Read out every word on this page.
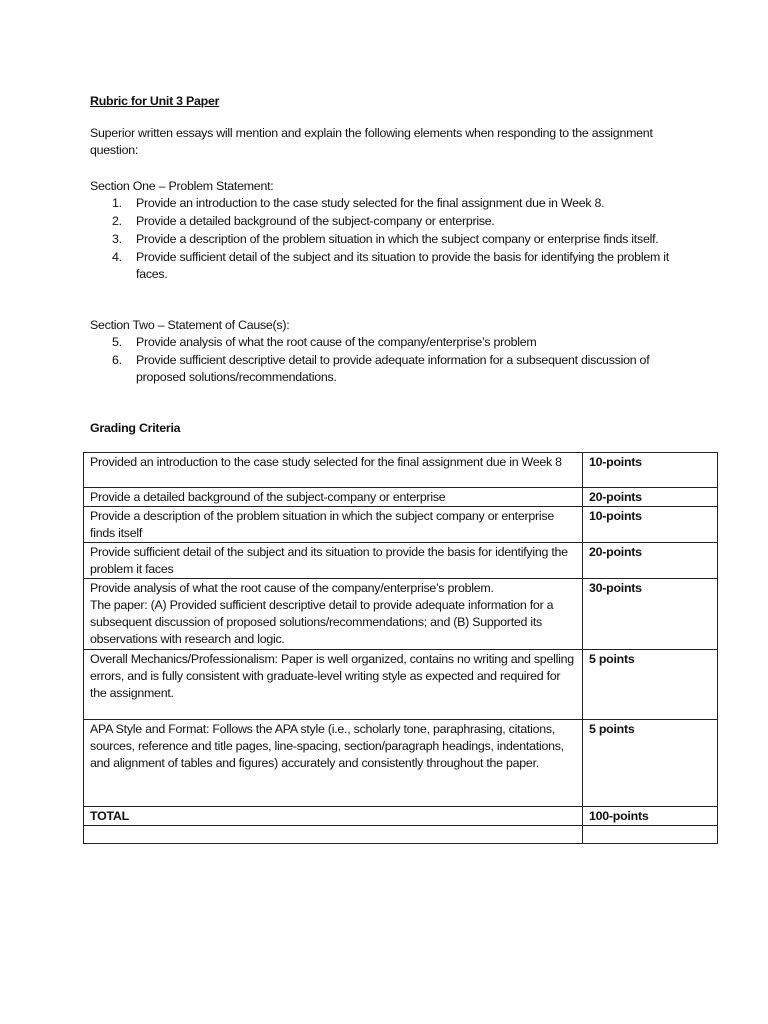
Rubric for Unit 3 Paper

Superior written essays will mention and explain the following elements when responding to the assignment question:

Section One – Problem Statement:

1. Provide an introduction to the case study selected for the final assignment due in Week 8.
2. Provide a detailed background of the subject-company or enterprise.
3. Provide a description of the problem situation in which the subject company or enterprise finds itself.
4. Provide sufficient detail of the subject and its situation to provide the basis for identifying the problem it faces.

Section Two – Statement of Cause(s):

5. Provide analysis of what the root cause of the company/enterprise’s problem
6. Provide sufficient descriptive detail to provide adequate information for a subsequent discussion of proposed solutions/recommendations.

Grading Criteria

Provided an introduction to the case study selected for the final assignment due in Week 8	10-points
Provide a detailed background of the subject-company or enterprise	20-points
Provide a description of the problem situation in which the subject company or enterprise finds itself	10-points
Provide sufficient detail of the subject and its situation to provide the basis for identifying the problem it faces	20-points

Provide analysis of what the root cause of the company/enterprise’s problem.
The paper: (A) Provided sufficient descriptive detail to provide adequate information for a subsequent discussion of proposed solutions/recommendations; and (B) Supported its observations with research and logic.	30-points
Overall Mechanics/Professionalism: Paper is well organized, contains no writing and spelling errors, and is fully consistent with graduate-level writing style as expected and required for the assignment.	5 points
APA Style and Format: Follows the APA style (i.e., scholarly tone, paraphrasing, citations, sources, reference and title pages, line-spacing, section/paragraph headings, indentations, and alignment of tables and figures) accurately and consistently throughout the paper.	5 points
TOTAL	100-points
